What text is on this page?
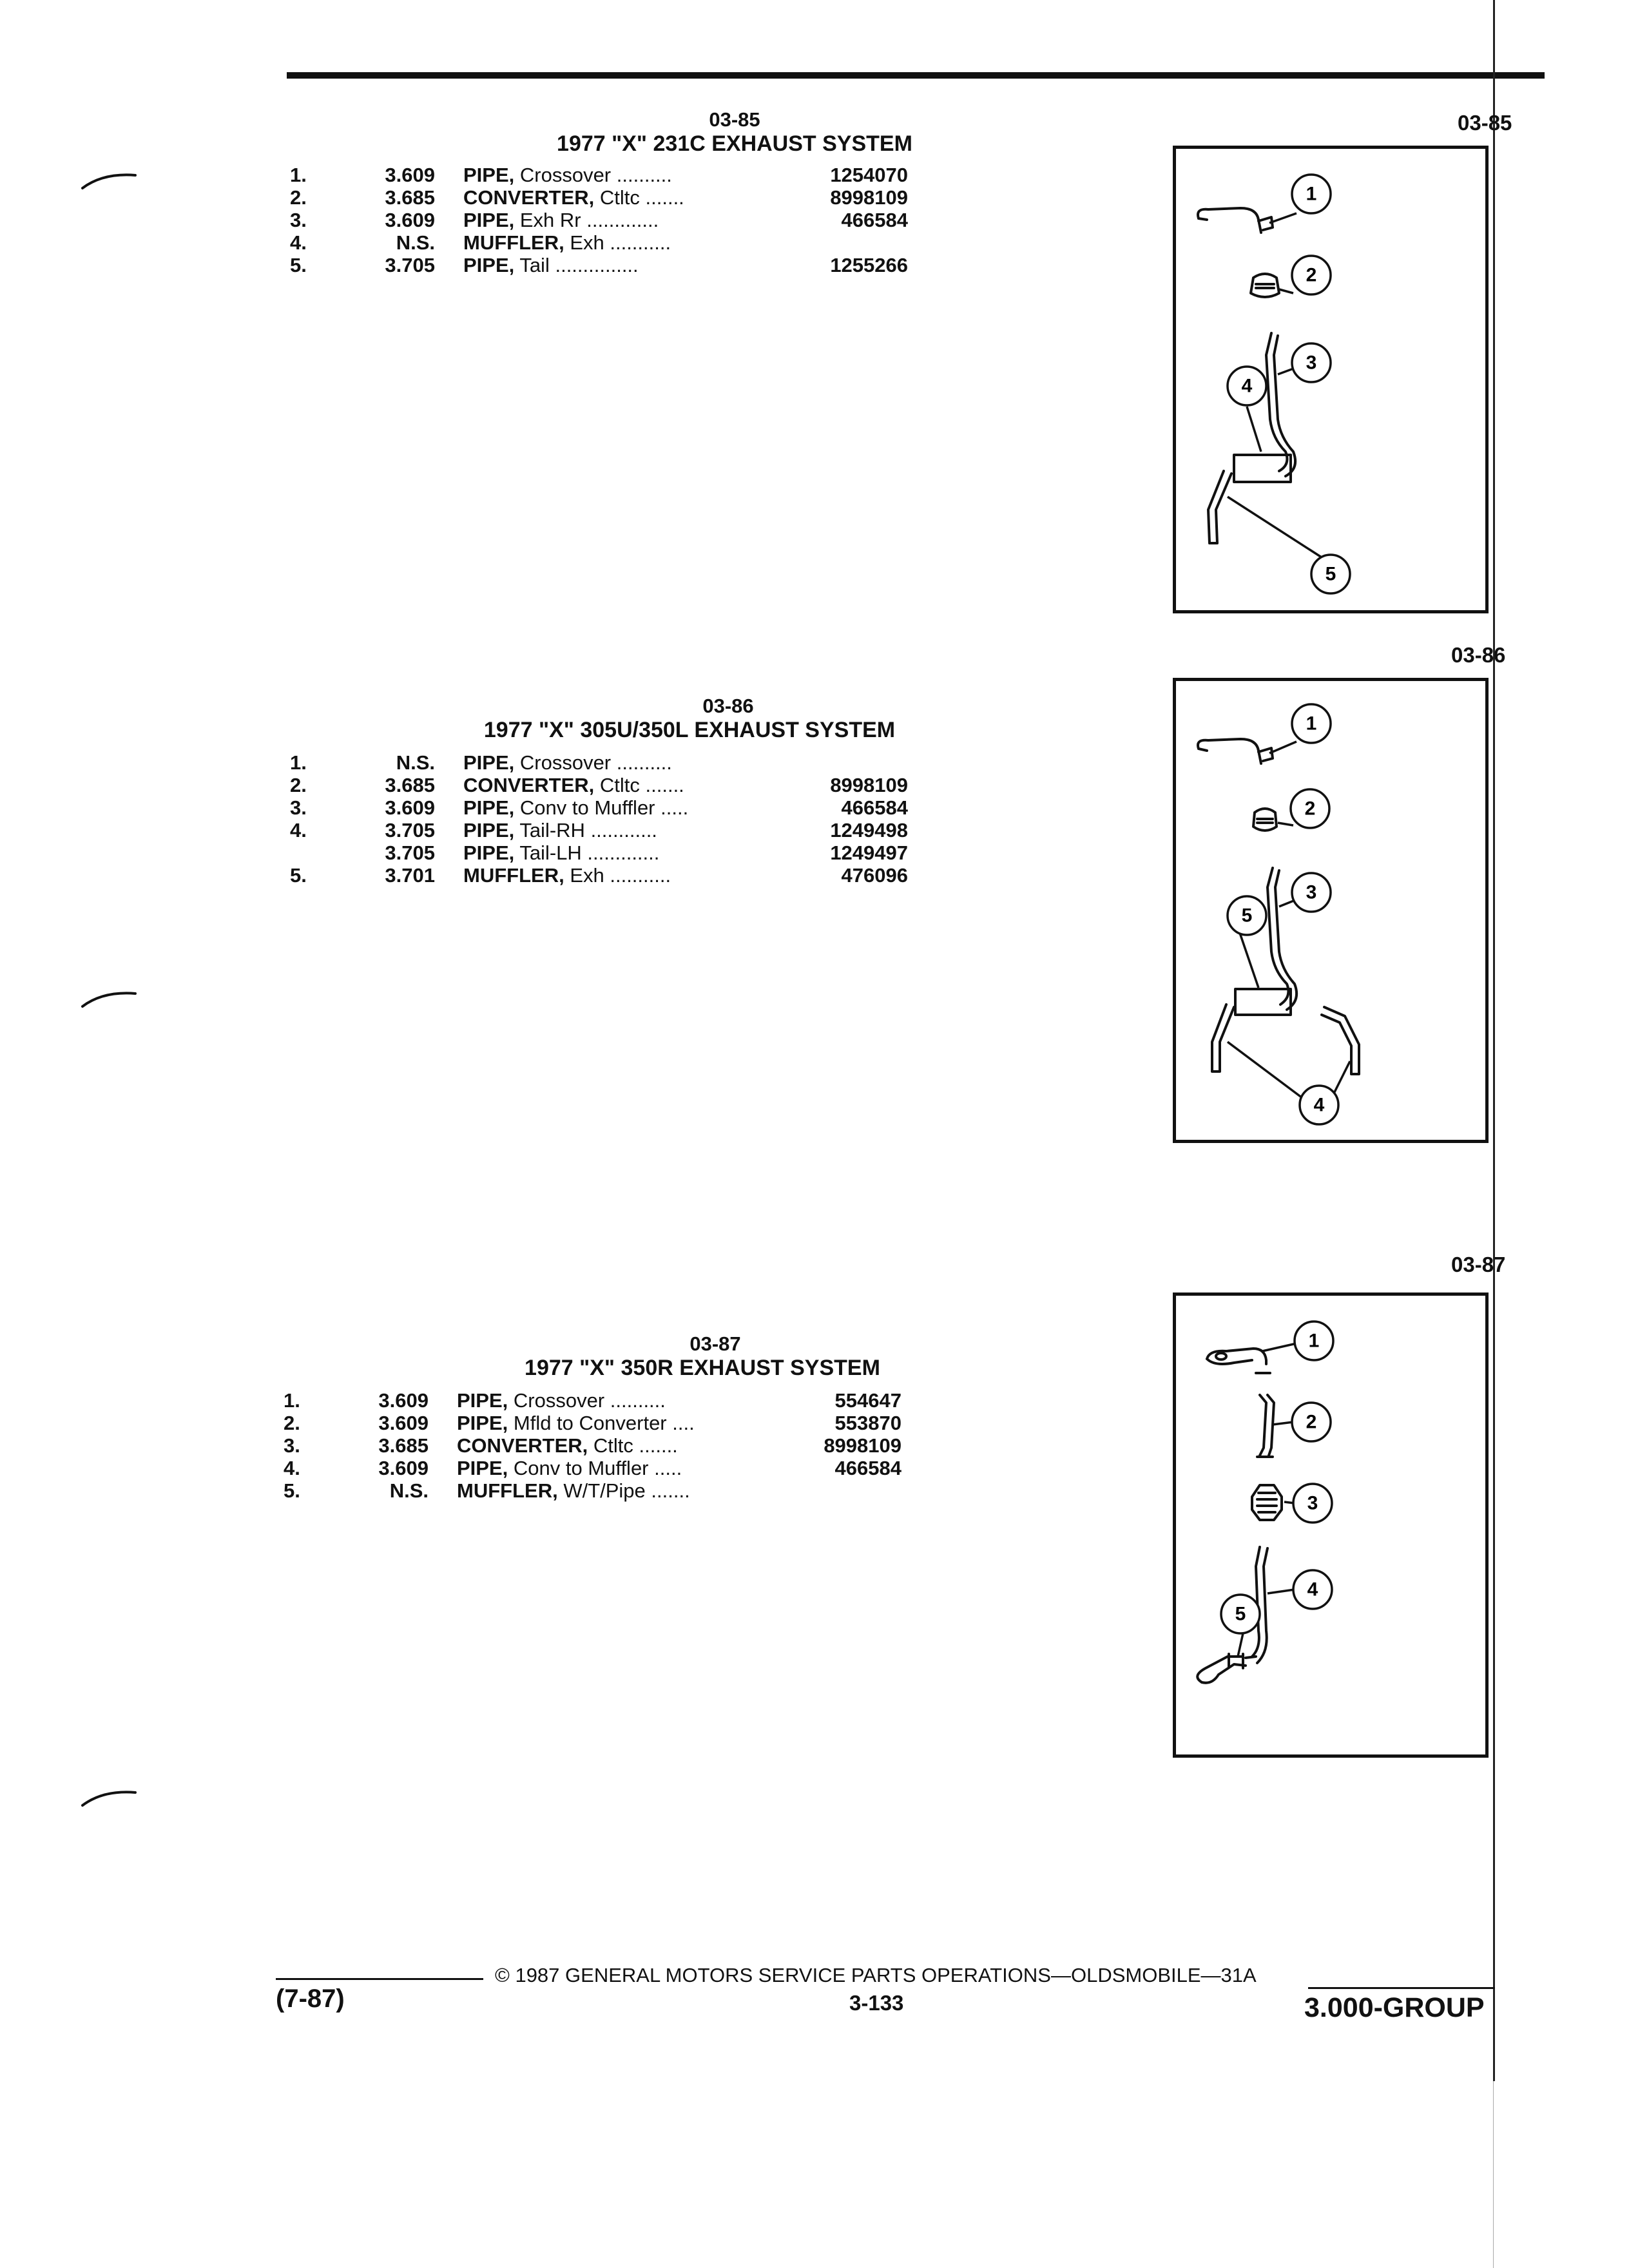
03-85
1977 "X" 231C EXHAUST SYSTEM
1.	3.609	PIPE, Crossover ..........	1254070
2.	3.685	CONVERTER, Ctltc .......	8998109
3.	3.609	PIPE, Exh Rr .............	466584
4.	N.S.	MUFFLER, Exh ...........	
5.	3.705	PIPE, Tail ...............	1255266
03-85
1
2
3
4
5
03-86
1977 "X" 305U/350L EXHAUST SYSTEM
1.	N.S.	PIPE, Crossover ..........	
2.	3.685	CONVERTER, Ctltc .......	8998109
3.	3.609	PIPE, Conv to Muffler .....	466584
4.	3.705	PIPE, Tail-RH ............	1249498
	3.705	PIPE, Tail-LH .............	1249497
5.	3.701	MUFFLER, Exh ...........	476096
03-86
1
2
3
5
4
03-87
1977 "X" 350R EXHAUST SYSTEM
1.	3.609	PIPE, Crossover ..........	554647
2.	3.609	PIPE, Mfld to Converter ....	553870
3.	3.685	CONVERTER, Ctltc .......	8998109
4.	3.609	PIPE, Conv to Muffler .....	466584
5.	N.S.	MUFFLER, W/T/Pipe .......	
03-87
1
2
3
4
5
© 1987 GENERAL MOTORS SERVICE PARTS OPERATIONS—OLDSMOBILE—31A
3-133
(7-87)	3.000-GROUP
